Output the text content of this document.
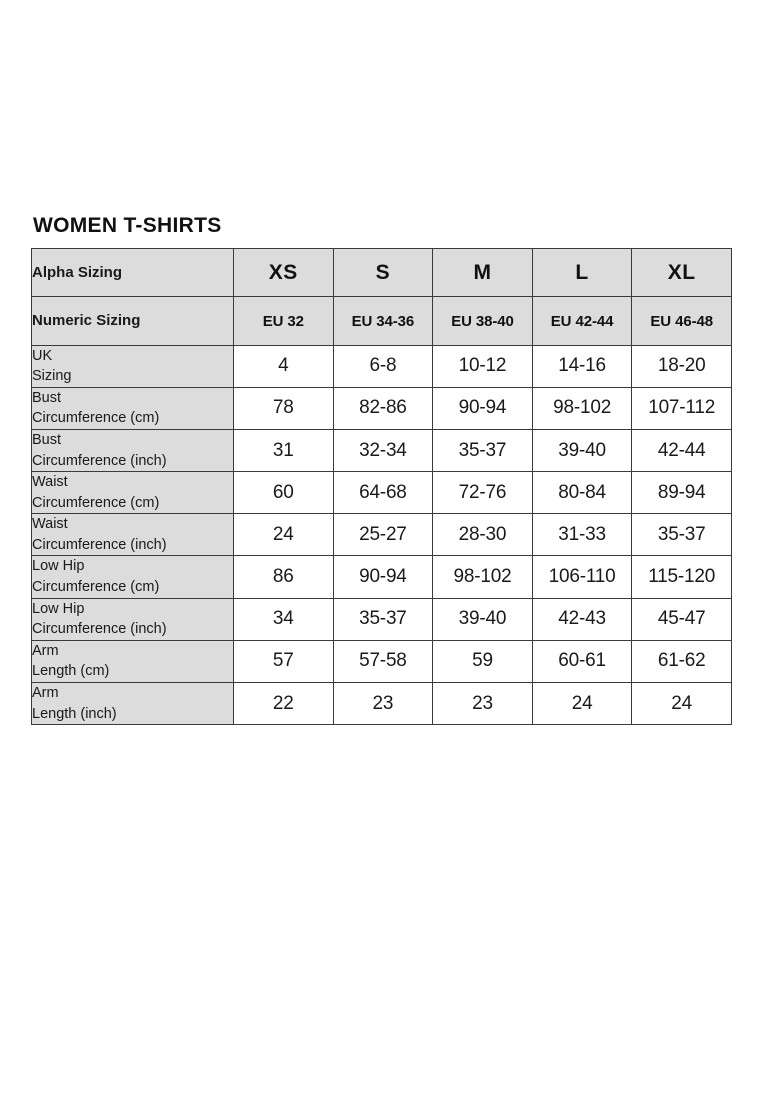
WOMEN T-SHIRTS
Alpha Sizing	XS	S	M	L	XL
Numeric Sizing	EU 32	EU 34-36	EU 38-40	EU 42-44	EU 46-48

UK
Sizing	4	6-8	10-12	14-16	18-20

Bust
Circumference (cm)	78	82-86	90-94	98-102	107-112

Bust
Circumference (inch)	31	32-34	35-37	39-40	42-44

Waist
Circumference (cm)	60	64-68	72-76	80-84	89-94

Waist
Circumference (inch)	24	25-27	28-30	31-33	35-37

Low Hip
Circumference (cm)	86	90-94	98-102	106-110	115-120

Low Hip
Circumference (inch)	34	35-37	39-40	42-43	45-47

Arm
Length (cm)	57	57-58	59	60-61	61-62

Arm
Length (inch)	22	23	23	24	24
